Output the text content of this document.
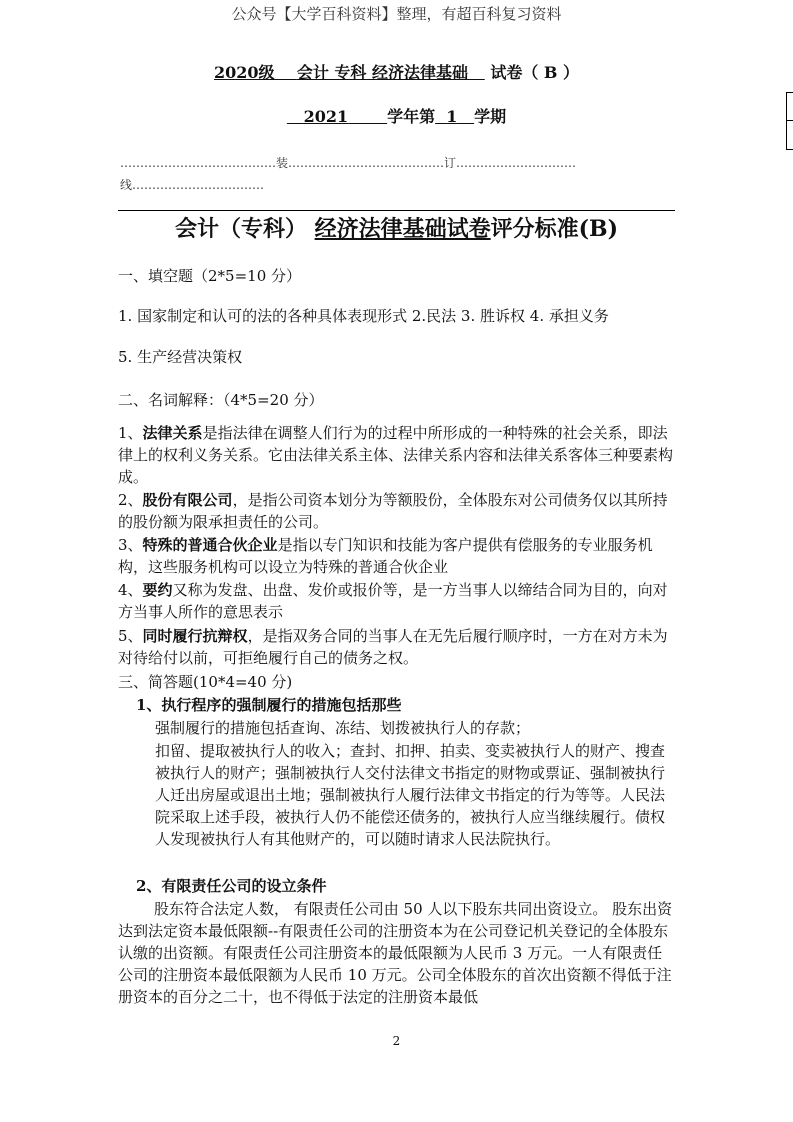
公众号【大学百科资料】整理，有超百科复习资料
2020级 会计 专科 经济法律基础 试卷（ B ）
2021 学年第 1 学期
…………………………………装…………………………………订…………………………
线……………………………
会计（专科） 经济法律基础试卷评分标准(B)
一、填空题（2*5=10 分）
1. 国家制定和认可的法的各种具体表现形式 2.民法 3. 胜诉权 4. 承担义务
5. 生产经营决策权
二、名词解释：（4*5=20 分）
1、法律关系是指法律在调整人们行为的过程中所形成的一种特殊的社会关系，即法律上的权利义务关系。它由法律关系主体、法律关系内容和法律关系客体三种要素构成。
2、股份有限公司，是指公司资本划分为等额股份，全体股东对公司债务仅以其所持的股份额为限承担责任的公司。
3、特殊的普通合伙企业是指以专门知识和技能为客户提供有偿服务的专业服务机构，这些服务机构可以设立为特殊的普通合伙企业
4、要约又称为发盘、出盘、发价或报价等，是一方当事人以缔结合同为目的，向对方当事人所作的意思表示
5、同时履行抗辩权，是指双务合同的当事人在无先后履行顺序时，一方在对方未为对待给付以前，可拒绝履行自己的债务之权。
三、简答题(10*4=40 分)
1、执行程序的强制履行的措施包括那些
强制履行的措施包括查询、冻结、划拨被执行人的存款；
扣留、提取被执行人的收入；查封、扣押、拍卖、变卖被执行人的财产、搜查被执行人的财产；强制被执行人交付法律文书指定的财物或票证、强制被执行人迁出房屋或退出土地；强制被执行人履行法律文书指定的行为等等。人民法院采取上述手段，被执行人仍不能偿还债务的，被执行人应当继续履行。债权人发现被执行人有其他财产的，可以随时请求人民法院执行。
2、有限责任公司的设立条件
股东符合法定人数， 有限责任公司由 50 人以下股东共同出资设立。 股东出资达到法定资本最低限额--有限责任公司的注册资本为在公司登记机关登记的全体股东认缴的出资额。有限责任公司注册资本的最低限额为人民币 3 万元。一人有限责任公司的注册资本最低限额为人民币 10 万元。公司全体股东的首次出资额不得低于注册资本的百分之二十，也不得低于法定的注册资本最低
2
